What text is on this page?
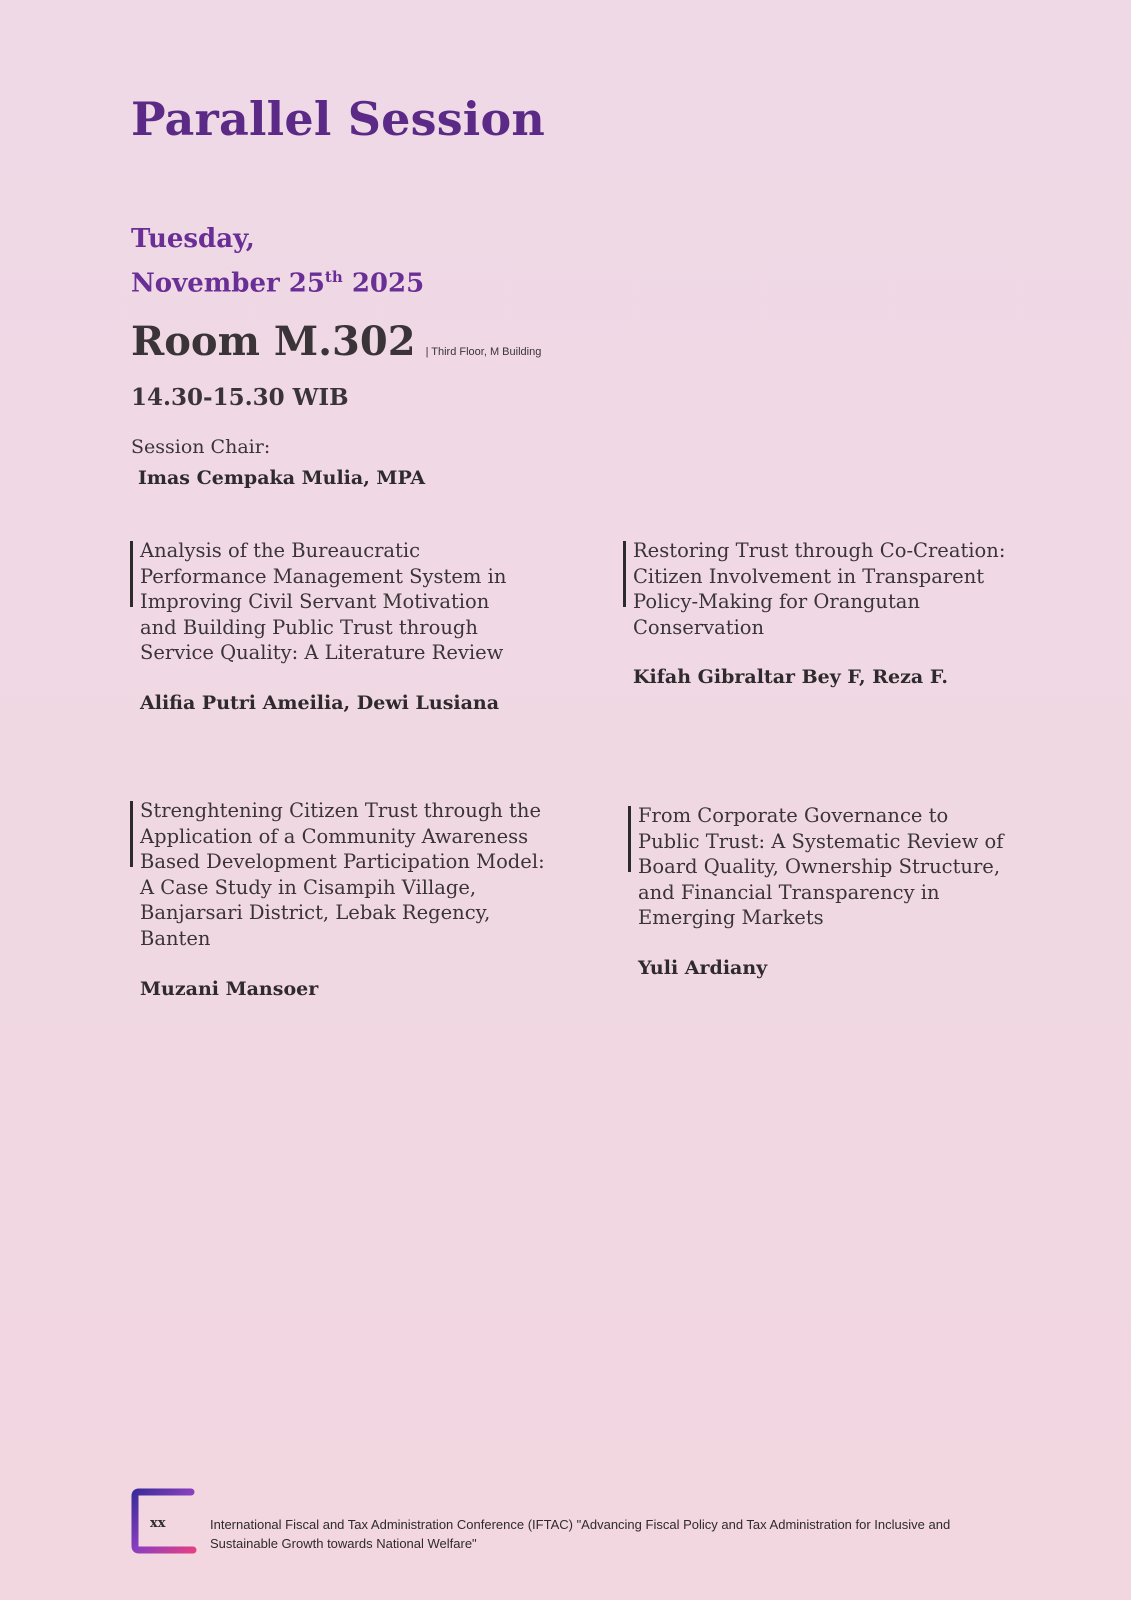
Parallel Session
Tuesday,
November 25th 2025
Room M.302 | Third Floor, M Building
14.30-15.30 WIB
Session Chair:
Imas Cempaka Mulia, MPA
Analysis of the Bureaucratic Performance Management System in Improving Civil Servant Motivation and Building Public Trust through Service Quality: A Literature Review
Alifia Putri Ameilia, Dewi Lusiana
Restoring Trust through Co-Creation: Citizen Involvement in Transparent Policy-Making for Orangutan Conservation
Kifah Gibraltar Bey F, Reza F.
Strenghtening Citizen Trust through the Application of a Community Awareness Based Development Participation Model: A Case Study in Cisampih Village, Banjarsari District, Lebak Regency, Banten
Muzani Mansoer
From Corporate Governance to Public Trust: A Systematic Review of Board Quality, Ownership Structure, and Financial Transparency in Emerging Markets
Yuli Ardiany
xx	International Fiscal and Tax Administration Conference (IFTAC) "Advancing Fiscal Policy and Tax Administration for Inclusive and Sustainable Growth towards National Welfare"
